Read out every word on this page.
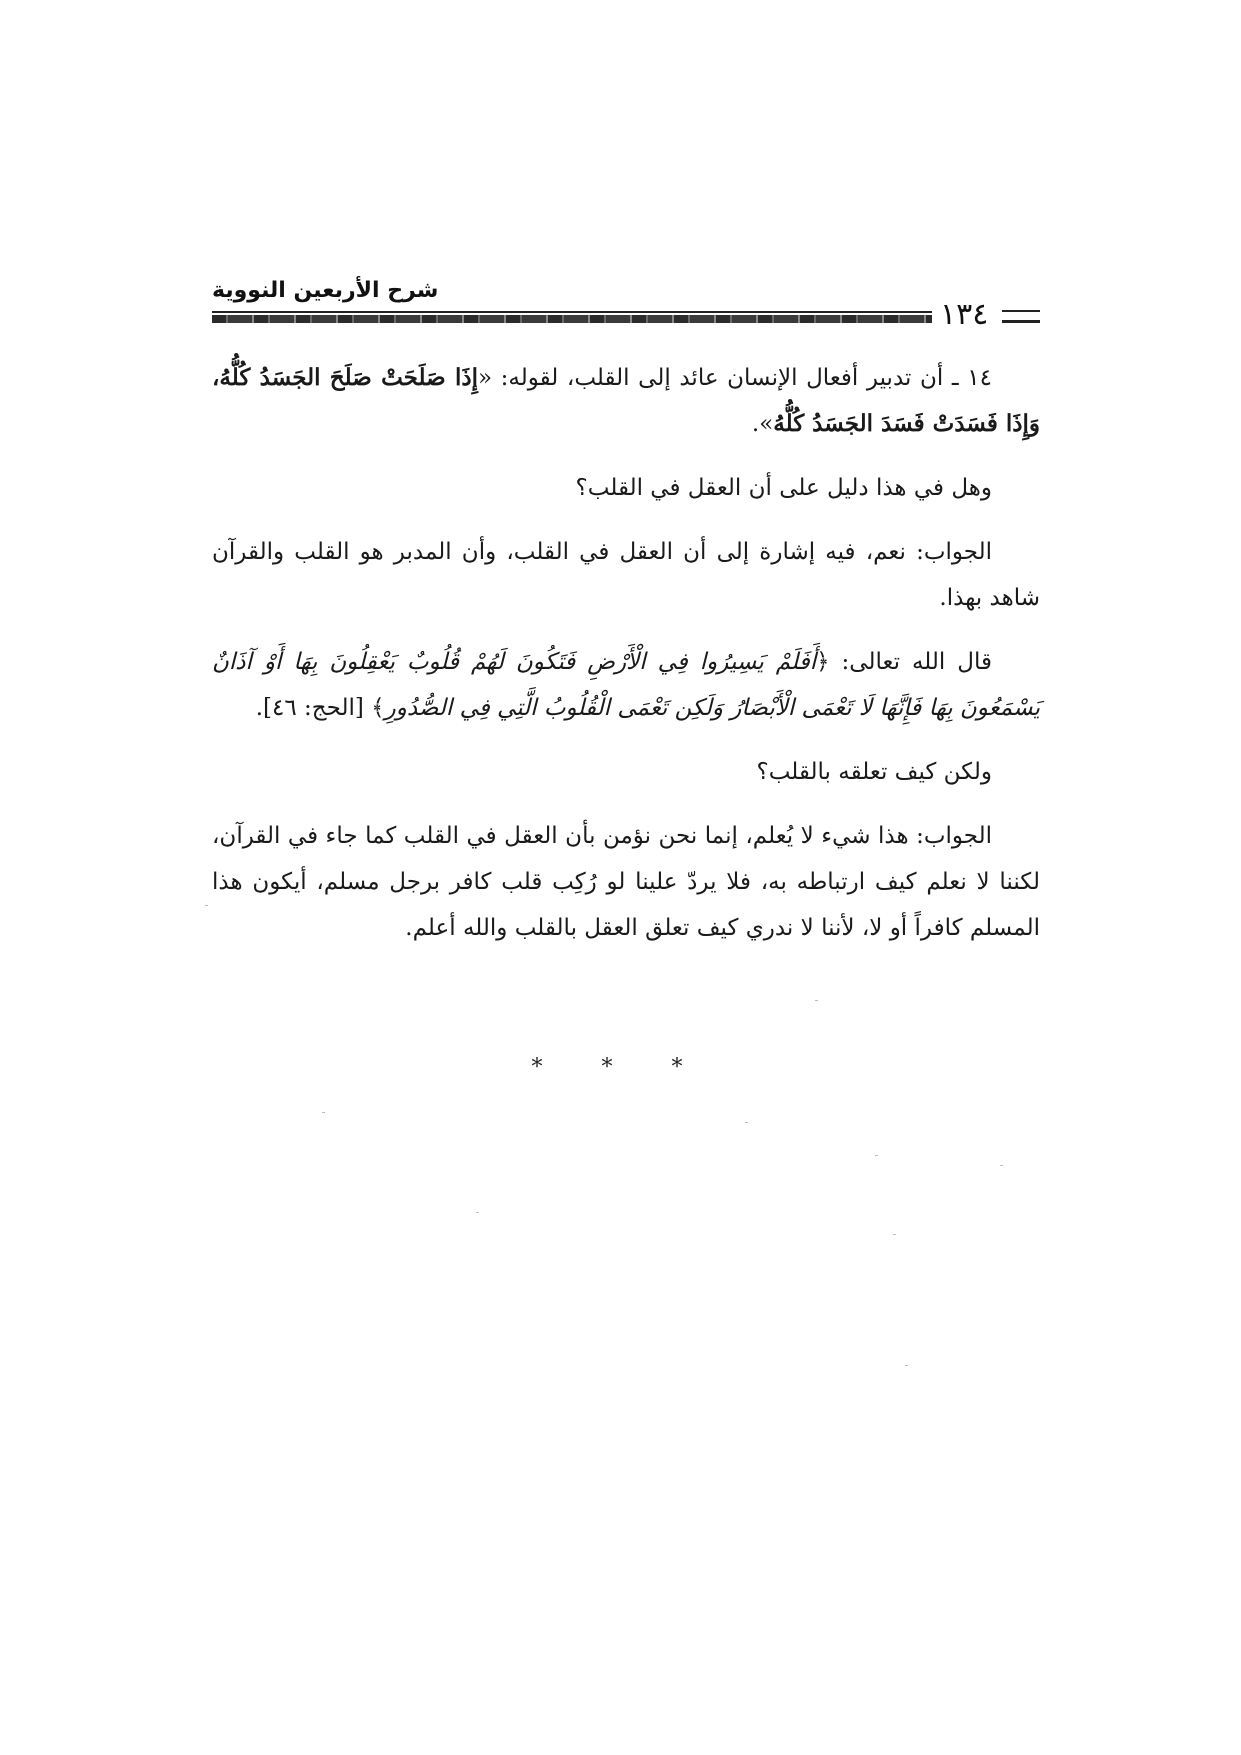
شرح الأربعين النووية
١٣٤

١٤ ـ أن تدبير أفعال الإنسان عائد إلى القلب، لقوله: «إِذَا صَلَحَتْ صَلَحَ الجَسَدُ كُلُّهُ، وَإِذَا فَسَدَتْ فَسَدَ الجَسَدُ كُلُّهُ».

وهل في هذا دليل على أن العقل في القلب؟

الجواب: نعم، فيه إشارة إلى أن العقل في القلب، وأن المدبر هو القلب والقرآن شاهد بهذا.

قال الله تعالى: ﴿أَفَلَمْ يَسِيرُوا فِي الْأَرْضِ فَتَكُونَ لَهُمْ قُلُوبٌ يَعْقِلُونَ بِهَا أَوْ آذَانٌ يَسْمَعُونَ بِهَا فَإِنَّهَا لَا تَعْمَى الْأَبْصَارُ وَلَكِن تَعْمَى الْقُلُوبُ الَّتِي فِي الصُّدُورِ﴾ [الحج: ٤٦].

ولكن كيف تعلقه بالقلب؟

الجواب: هذا شيء لا يُعلم، إنما نحن نؤمن بأن العقل في القلب كما جاء في القرآن، لكننا لا نعلم كيف ارتباطه به، فلا يردّ علينا لو رُكِب قلب كافر برجل مسلم، أيكون هذا المسلم كافراً أو لا، لأننا لا ندري كيف تعلق العقل بالقلب والله أعلم.

* * *
